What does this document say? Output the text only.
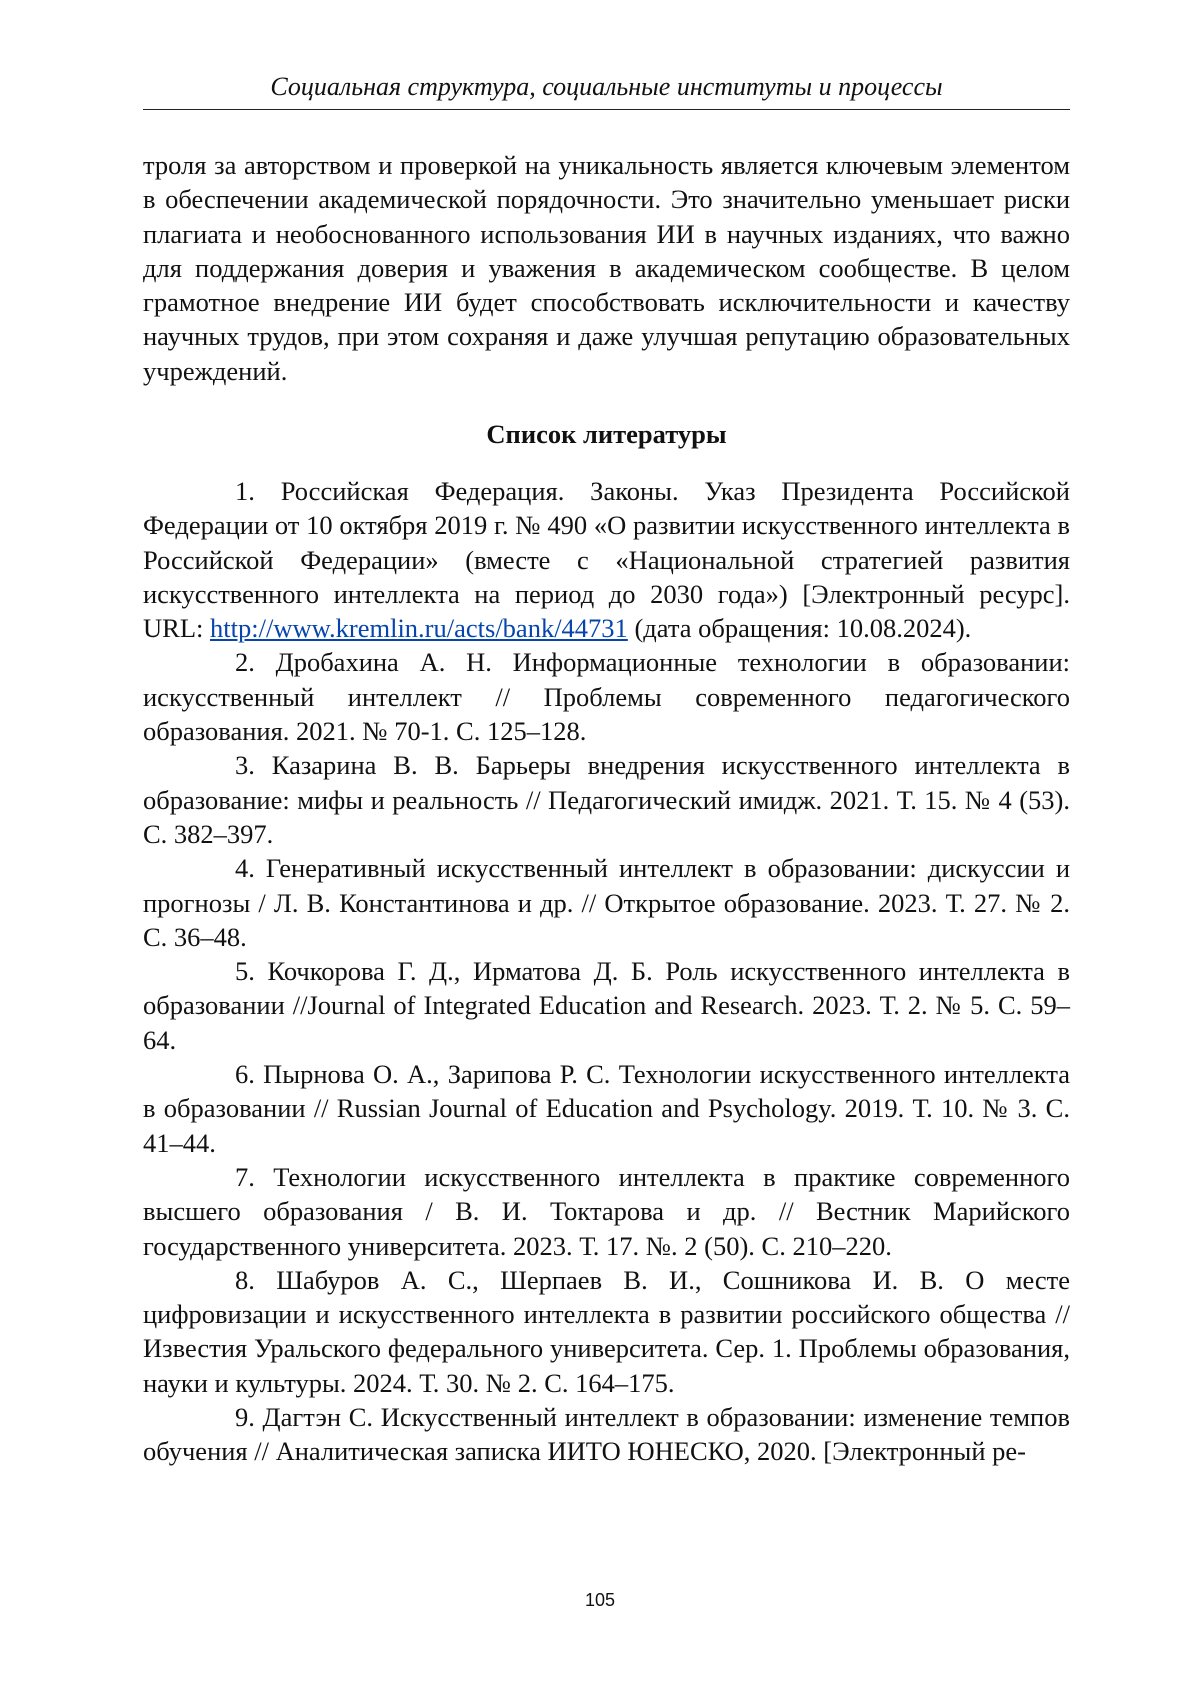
Социальная структура, социальные институты и процессы

троля за авторством и проверкой на уникальность является ключевым элементом в обеспечении академической порядочности. Это значительно уменьшает риски плагиата и необоснованного использования ИИ в научных изданиях, что важно для поддержания доверия и уважения в академическом сообществе. В целом грамотное внедрение ИИ будет способствовать исключительности и качеству научных трудов, при этом сохраняя и даже улучшая репутацию образовательных учреждений.

Список литературы

1. Российская Федерация. Законы. Указ Президента Российской Федерации от 10 октября 2019 г. № 490 «О развитии искусственного интеллекта в Российской Федерации» (вместе с «Национальной стратегией развития искусственного интеллекта на период до 2030 года») [Электронный ресурс]. URL: http://www.kremlin.ru/acts/bank/44731 (дата обращения: 10.08.2024).

2. Дробахина А. Н. Информационные технологии в образовании: искусственный интеллект // Проблемы современного педагогического образования. 2021. № 70-1. С. 125–128.

3. Казарина В. В. Барьеры внедрения искусственного интеллекта в образование: мифы и реальность // Педагогический имидж. 2021. Т. 15. № 4 (53). С. 382–397.

4. Генеративный искусственный интеллект в образовании: дискуссии и прогнозы / Л. В. Константинова и др. // Открытое образование. 2023. Т. 27. № 2. С. 36–48.

5. Кочкорова Г. Д., Ирматова Д. Б. Роль искусственного интеллекта в образовании //Journal of Integrated Education and Research. 2023. Т. 2. № 5. С. 59–64.

6. Пырнова О. А., Зарипова Р. С. Технологии искусственного интеллекта в образовании // Russian Journal of Education and Psychology. 2019. Т. 10. № 3. С. 41–44.

7. Технологии искусственного интеллекта в практике современного высшего образования / В. И. Токтарова и др. // Вестник Марийского государственного университета. 2023. Т. 17. №. 2 (50). С. 210–220.

8. Шабуров А. С., Шерпаев В. И., Сошникова И. В. О месте цифровизации и искусственного интеллекта в развитии российского общества // Известия Уральского федерального университета. Сер. 1. Проблемы образования, науки и культуры. 2024. Т. 30. № 2. С. 164–175.

9. Дагтэн С. Искусственный интеллект в образовании: изменение темпов обучения // Аналитическая записка ИИТО ЮНЕСКО, 2020. [Электронный ре-

105
